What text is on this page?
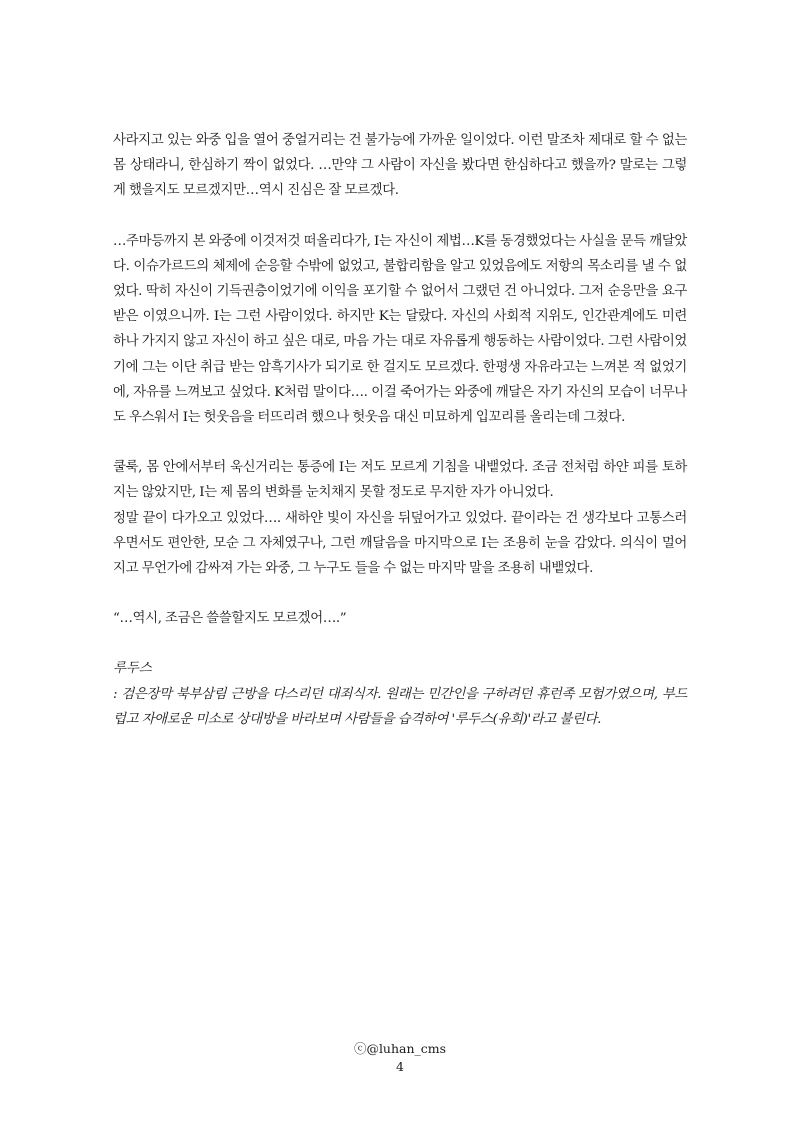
사라지고 있는 와중 입을 열어 중얼거리는 건 불가능에 가까운 일이었다. 이런 말조차 제대로 할 수 없는 몸 상태라니, 한심하기 짝이 없었다. …만약 그 사람이 자신을 봤다면 한심하다고 했을까? 말로는 그렇게 했을지도 모르겠지만…역시 진심은 잘 모르겠다.

…주마등까지 본 와중에 이것저것 떠올리다가, I는 자신이 제법…K를 동경했었다는 사실을 문득 깨달았다. 이슈가르드의 체제에 순응할 수밖에 없었고, 불합리함을 알고 있었음에도 저항의 목소리를 낼 수 없었다. 딱히 자신이 기득권층이었기에 이익을 포기할 수 없어서 그랬던 건 아니었다. 그저 순응만을 요구받은 이였으니까. I는 그런 사람이었다. 하지만 K는 달랐다. 자신의 사회적 지위도, 인간관계에도 미련 하나 가지지 않고 자신이 하고 싶은 대로, 마음 가는 대로 자유롭게 행동하는 사람이었다. 그런 사람이었기에 그는 이단 취급 받는 암흑기사가 되기로 한 걸지도 모르겠다. 한평생 자유라고는 느껴본 적 없었기에, 자유를 느껴보고 싶었다. K처럼 말이다…. 이걸 죽어가는 와중에 깨달은 자기 자신의 모습이 너무나도 우스워서 I는 헛웃음을 터뜨리려 했으나 헛웃음 대신 미묘하게 입꼬리를 올리는데 그쳤다.

쿨룩, 몸 안에서부터 욱신거리는 통증에 I는 저도 모르게 기침을 내뱉었다. 조금 전처럼 하얀 피를 토하지는 않았지만, I는 제 몸의 변화를 눈치채지 못할 정도로 무지한 자가 아니었다.

정말 끝이 다가오고 있었다…. 새하얀 빛이 자신을 뒤덮어가고 있었다. 끝이라는 건 생각보다 고통스러우면서도 편안한, 모순 그 자체였구나, 그런 깨달음을 마지막으로 I는 조용히 눈을 감았다. 의식이 멀어지고 무언가에 감싸져 가는 와중, 그 누구도 들을 수 없는 마지막 말을 조용히 내뱉었다.

“…역시, 조금은 쓸쓸할지도 모르겠어….”

루두스

: 검은장막 북부삼림 근방을 다스리던 대죄식자. 원래는 민간인을 구하려던 휴런족 모험가였으며, 부드럽고 자애로운 미소로 상대방을 바라보며 사람들을 습격하여 '루두스(유희)'라고 불린다.

ⓒ@luhan_cms
4
